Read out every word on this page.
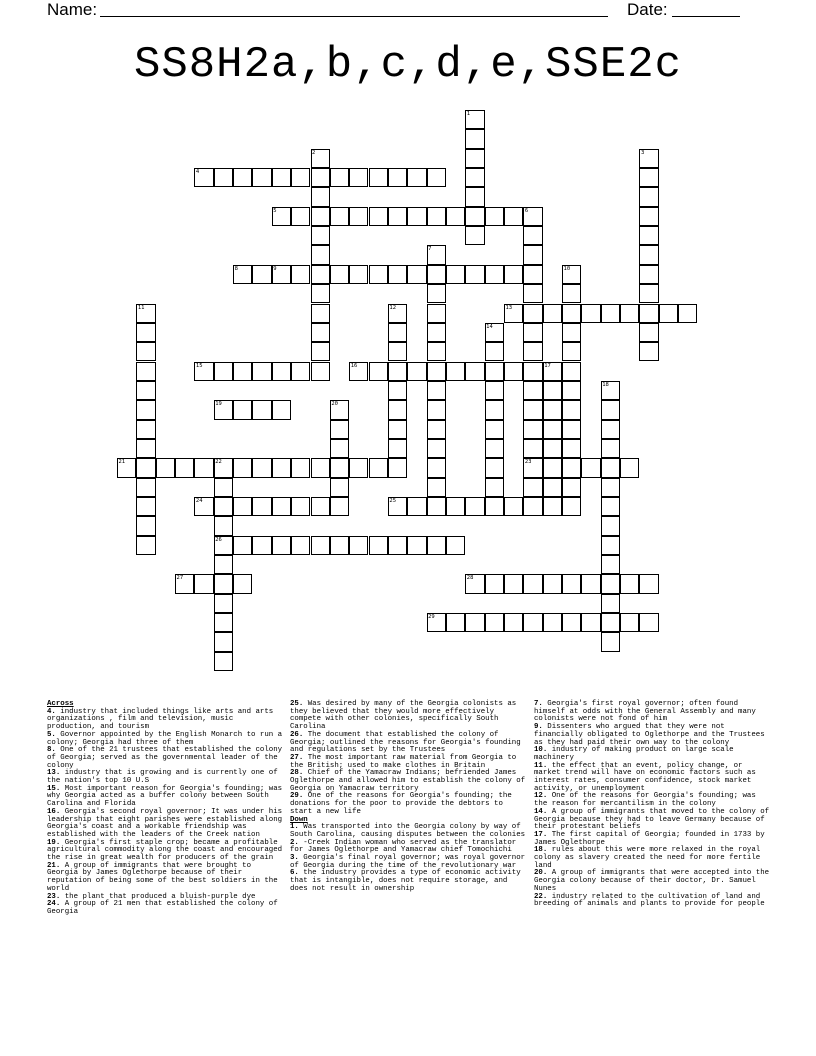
Name:	Date:
SS8H2a,b,c,d,e,SSE2c
1
2	3
4
5	6
7
8	9	10
11	12	13
14
15	16	17
18
19	20
21	22	23
24	25
26
27	28
29
Across
4. industry that included things like arts and arts organizations , film and television, music production, and tourism
5. Governor appointed by the English Monarch to run a colony; Georgia had three of them
8. One of the 21 trustees that established the colony of Georgia; served as the governmental leader of the colony
13. industry that is growing and is currently one of the nation's top 10 U.S
15. Most important reason for Georgia's founding; was why Georgia acted as a buffer colony between South Carolina and Florida
16. Georgia's second royal governor; It was under his leadership that eight parishes were established along Georgia's coast and a workable friendship was established with the leaders of the Creek nation
19. Georgia's first staple crop; became a profitable agricultural commodity along the coast and encouraged the rise in great wealth for producers of the grain
21. A group of immigrants that were brought to Georgia by James Oglethorpe because of their reputation of being some of the best soldiers in the world
23. the plant that produced a bluish-purple dye
24. A group of 21 men that established the colony of Georgia
25. Was desired by many of the Georgia colonists as they believed that they would more effectively compete with other colonies, specifically South Carolina
26. The document that established the colony of Georgia; outlined the reasons for Georgia's founding and regulations set by the Trustees
27. The most important raw material from Georgia to the British; used to make clothes in Britain
28. Chief of the Yamacraw Indians; befriended James Oglethorpe and allowed him to establish the colony of Georgia on Yamacraw territory
29. One of the reasons for Georgia's founding; the donations for the poor to provide the debtors to start a new life
Down
1. Was transported into the Georgia colony by way of South Carolina, causing disputes between the colonies
2. -Creek Indian woman who served as the translator for James Oglethorpe and Yamacraw chief Tomochichi
3. Georgia's final royal governor; was royal governor of Georgia during the time of the revolutionary war
6. the industry provides a type of economic activity that is intangible, does not require storage, and does not result in ownership
7. Georgia's first royal governor; often found himself at odds with the General Assembly and many colonists were not fond of him
9. Dissenters who argued that they were not financially obligated to Oglethorpe and the Trustees as they had paid their own way to the colony
10. industry of making product on large scale machinery
11. the effect that an event, policy change, or market trend will have on economic factors such as interest rates, consumer confidence, stock market activity, or unemployment
12. One of the reasons for Georgia's founding; was the reason for mercantilism in the colony
14. A group of immigrants that moved to the colony of Georgia because they had to leave Germany because of their protestant beliefs
17. The first capital of Georgia; founded in 1733 by James Oglethorpe
18. rules about this were more relaxed in the royal colony as slavery created the need for more fertile land
20. A group of immigrants that were accepted into the Georgia colony because of their doctor, Dr. Samuel Nunes
22. industry related to the cultivation of land and breeding of animals and plants to provide for people
